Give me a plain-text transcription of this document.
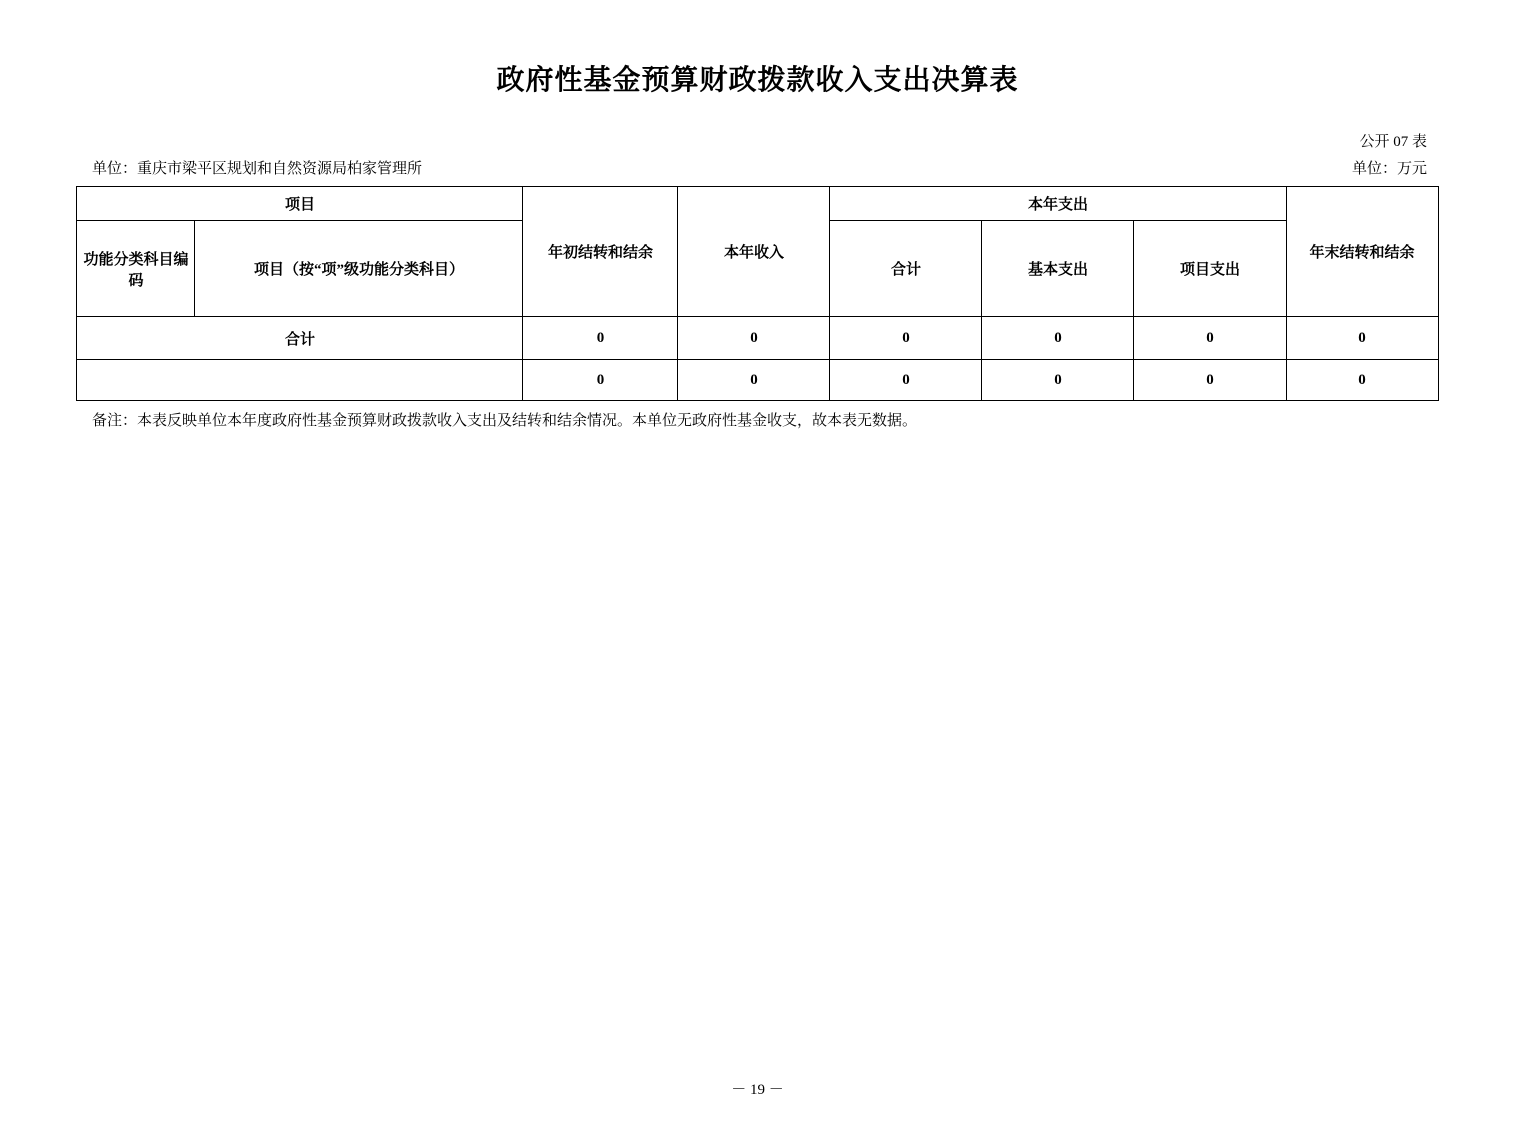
政府性基金预算财政拨款收入支出决算表
公开 07 表
单位：重庆市梁平区规划和自然资源局柏家管理所	单位：万元
项目		年初结转和结余	本年收入	本年支出			年末结转和结余
功能分类科目编码	项目（按“项”级功能分类科目）			合计	基本支出	项目支出	
合计		0	0	0	0	0	0
		0	0	0	0	0	0
备注：本表反映单位本年度政府性基金预算财政拨款收入支出及结转和结余情况。本单位无政府性基金收支，故本表无数据。
－ 19 －
